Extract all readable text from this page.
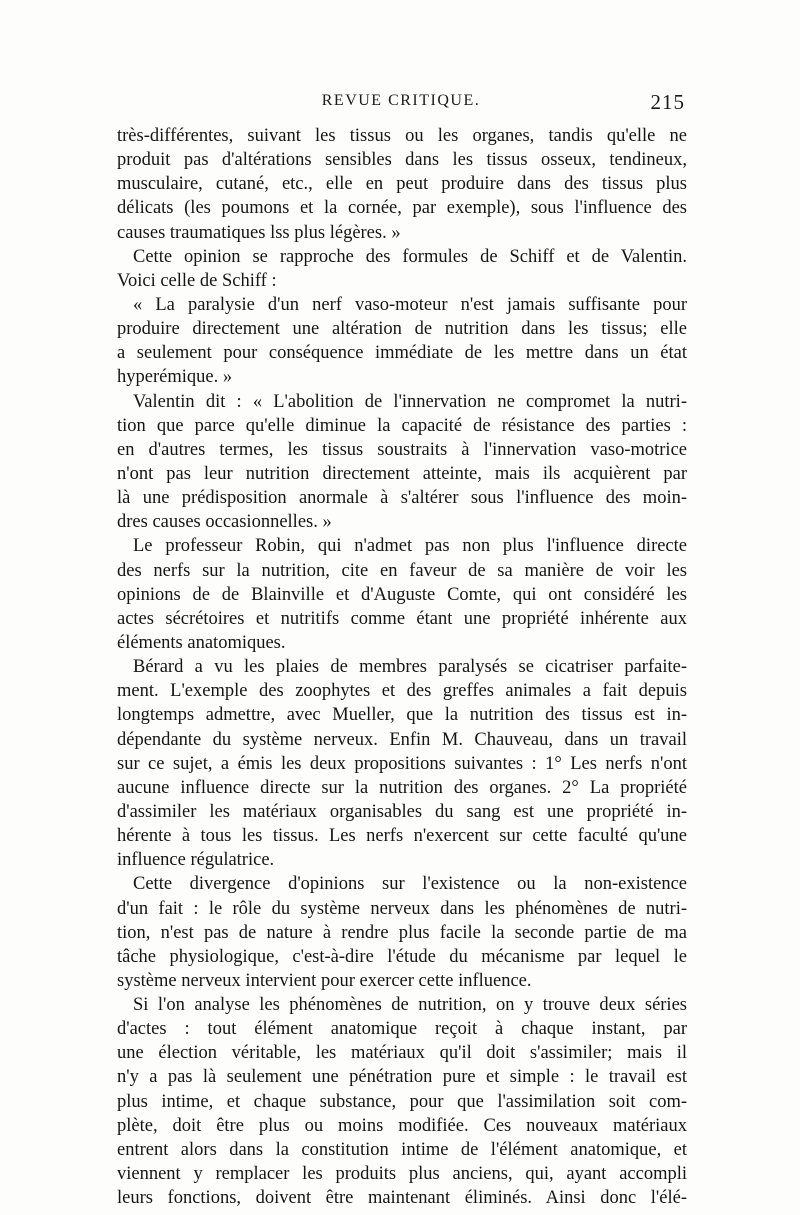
REVUE CRITIQUE.	215
très-différentes, suivant les tissus ou les organes, tandis qu'elle ne
produit pas d'altérations sensibles dans les tissus osseux, tendineux,
musculaire, cutané, etc., elle en peut produire dans des tissus plus
délicats (les poumons et la cornée, par exemple), sous l'influence des
causes traumatiques lss plus légères. »
Cette opinion se rapproche des formules de Schiff et de Valentin.
Voici celle de Schiff :
« La paralysie d'un nerf vaso-moteur n'est jamais suffisante pour
produire directement une altération de nutrition dans les tissus; elle
a seulement pour conséquence immédiate de les mettre dans un état
hyperémique. »
Valentin dit : « L'abolition de l'innervation ne compromet la nutri-
tion que parce qu'elle diminue la capacité de résistance des parties :
en d'autres termes, les tissus soustraits à l'innervation vaso-motrice
n'ont pas leur nutrition directement atteinte, mais ils acquièrent par
là une prédisposition anormale à s'altérer sous l'influence des moin-
dres causes occasionnelles. »
Le professeur Robin, qui n'admet pas non plus l'influence directe
des nerfs sur la nutrition, cite en faveur de sa manière de voir les
opinions de de Blainville et d'Auguste Comte, qui ont considéré les
actes sécrétoires et nutritifs comme étant une propriété inhérente aux
éléments anatomiques.
Bérard a vu les plaies de membres paralysés se cicatriser parfaite-
ment. L'exemple des zoophytes et des greffes animales a fait depuis
longtemps admettre, avec Mueller, que la nutrition des tissus est in-
dépendante du système nerveux. Enfin M. Chauveau, dans un travail
sur ce sujet, a émis les deux propositions suivantes : 1° Les nerfs n'ont
aucune influence directe sur la nutrition des organes. 2° La propriété
d'assimiler les matériaux organisables du sang est une propriété in-
hérente à tous les tissus. Les nerfs n'exercent sur cette faculté qu'une
influence régulatrice.
Cette divergence d'opinions sur l'existence ou la non-existence
d'un fait : le rôle du système nerveux dans les phénomènes de nutri-
tion, n'est pas de nature à rendre plus facile la seconde partie de ma
tâche physiologique, c'est-à-dire l'étude du mécanisme par lequel le
système nerveux intervient pour exercer cette influence.
Si l'on analyse les phénomènes de nutrition, on y trouve deux séries
d'actes : tout élément anatomique reçoit à chaque instant, par
une élection véritable, les matériaux qu'il doit s'assimiler; mais il
n'y a pas là seulement une pénétration pure et simple : le travail est
plus intime, et chaque substance, pour que l'assimilation soit com-
plète, doit être plus ou moins modifiée. Ces nouveaux matériaux
entrent alors dans la constitution intime de l'élément anatomique, et
viennent y remplacer les produits plus anciens, qui, ayant accompli
leurs fonctions, doivent être maintenant éliminés. Ainsi donc l'élé-
